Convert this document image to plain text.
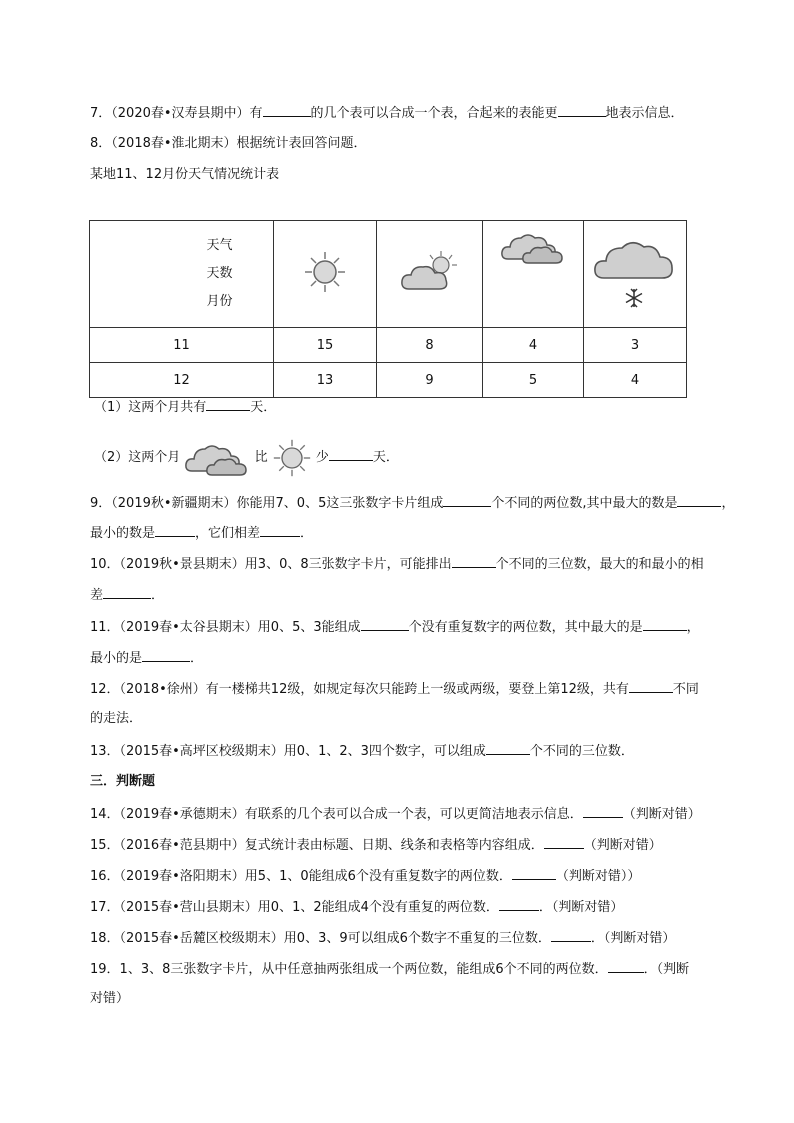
7．（2020春•汉寿县期中）有	的几个表可以合成一个表，合起来的表能更	地表示信息．
8．（2018春•淮北期末）根据统计表回答问题．
某地11、12月份天气情况统计表
天气
天数
月份

11	15	8	4	3
12	13	9	5	4
（1）这两个月共有	天．
（2）这两个月	比	少	天．
9．（2019秋•新疆期末）你能用7、0、5这三张数字卡片组成	个不同的两位数,其中最大的数是	，
最小的数是	，它们相差	．
10．（2019秋•景县期末）用3、0、8三张数字卡片，可能排出	个不同的三位数，最大的和最小的相
差	．
11．（2019春•太谷县期末）用0、5、3能组成	个没有重复数字的两位数，其中最大的是	，
最小的是	．
12．（2018•徐州）有一楼梯共12级，如规定每次只能跨上一级或两级，要登上第12级，共有	不同
的走法．
13．（2015春•高坪区校级期末）用0、1、2、3四个数字，可以组成	个不同的三位数．
三．判断题
14．（2019春•承德期末）有联系的几个表可以合成一个表，可以更简洁地表示信息．	（判断对错）
15．（2016春•范县期中）复式统计表由标题、日期、线条和表格等内容组成．	（判断对错）
16．（2019春•洛阳期末）用5、1、0能组成6个没有重复数字的两位数．	（判断对错））
17．（2015春•营山县期末）用0、1、2能组成4个没有重复的两位数．	．（判断对错）
18．（2015春•岳麓区校级期末）用0、3、9可以组成6个数字不重复的三位数．	．（判断对错）
19．1、3、8三张数字卡片，从中任意抽两张组成一个两位数，能组成6个不同的两位数．	．（判断
对错）
